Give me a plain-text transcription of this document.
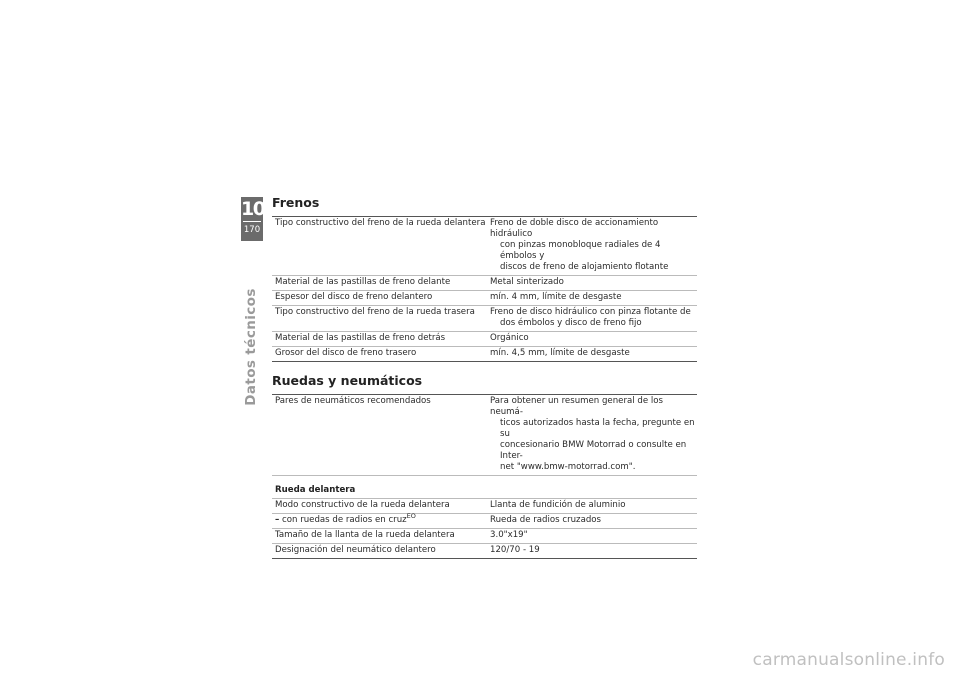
10
170
Datos técnicos
Frenos
Tipo constructivo del freno de la rueda delantera	Freno de doble disco de accionamiento hidráulico
con pinzas monobloque radiales de 4 émbolos y
discos de freno de alojamiento flotante

Material de las pastillas de freno delante	Metal sinterizado

Espesor del disco de freno delantero	mín. 4 mm, límite de desgaste

Tipo constructivo del freno de la rueda trasera	Freno de disco hidráulico con pinza flotante de
dos émbolos y disco de freno fijo

Material de las pastillas de freno detrás	Orgánico

Grosor del disco de freno trasero	mín. 4,5 mm, límite de desgaste
Ruedas y neumáticos
Pares de neumáticos recomendados	Para obtener un resumen general de los neumá-
ticos autorizados hasta la fecha, pregunte en su
concesionario BMW Motorrad o consulte en Inter-
net "www.bmw-motorrad.com".

Rueda delantera	
Modo constructivo de la rueda delantera	Llanta de fundición de aluminio
– con ruedas de radios en cruz$^{EO}$	Rueda de radios cruzados
Tamaño de la llanta de la rueda delantera	3.0"x19"
Designación del neumático delantero	120/70 - 19
carmanualsonline.info
